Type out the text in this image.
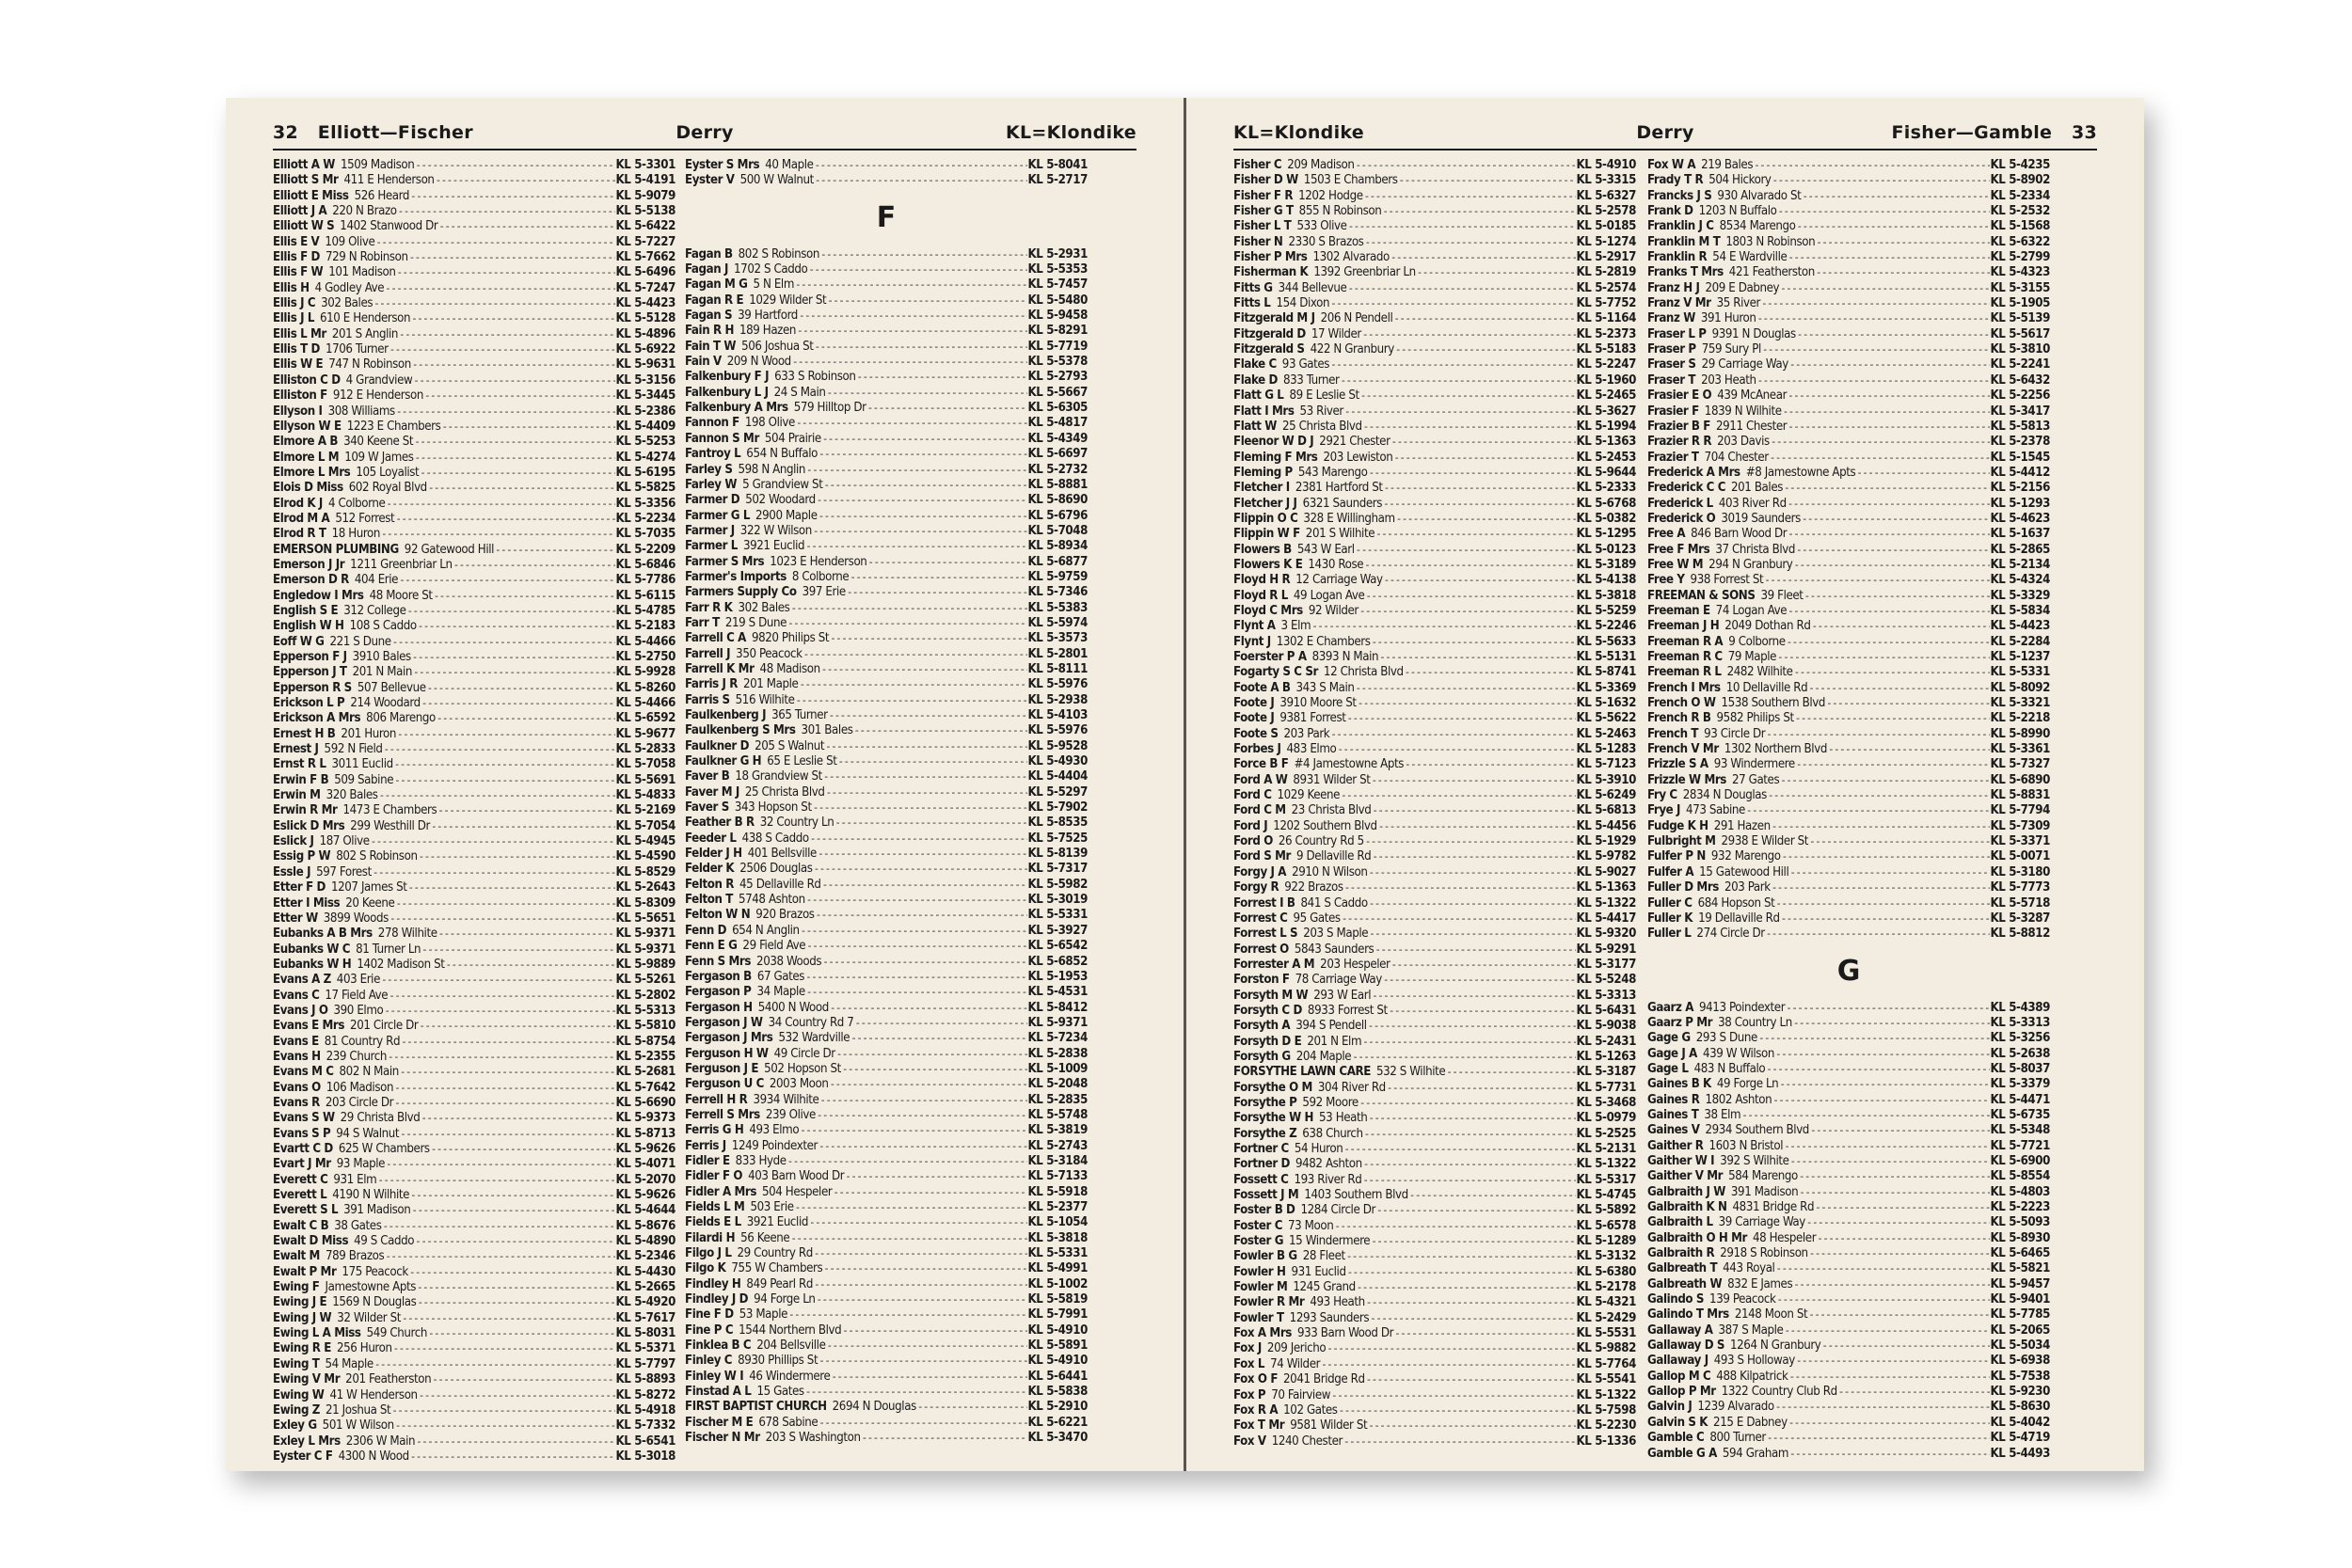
32 Elliott—Fischer	Derry	KL=Klondike
Elliott A W 1509 Madison -----	KL 5-3301
Elliott S Mr 411 E Henderson -----	KL 5-4191
Elliott E Miss 526 Heard -----	KL 5-9079
Elliott J A 220 N Brazo -----	KL 5-5138
Elliott W S 1402 Stanwood Dr -----	KL 5-6422
Ellis E V 109 Olive -----	KL 5-7227
Ellis F D 729 N Robinson -----	KL 5-7662
Ellis F W 101 Madison -----	KL 5-6496
Ellis H 4 Godley Ave -----	KL 5-7247
Ellis J C 302 Bales -----	KL 5-4423
Ellis J L 610 E Henderson -----	KL 5-5128
Ellis L Mr 201 S Anglin -----	KL 5-4896
Ellis T D 1706 Turner -----	KL 5-6922
Ellis W E 747 N Robinson -----	KL 5-9631
Elliston C D 4 Grandview -----	KL 5-3156
Elliston F 912 E Henderson -----	KL 5-3445
Ellyson I 308 Williams -----	KL 5-2386
Ellyson W E 1223 E Chambers -----	KL 5-4409
Elmore A B 340 Keene St -----	KL 5-5253
Elmore L M 109 W James -----	KL 5-4274
Elmore L Mrs 105 Loyalist -----	KL 5-6195
Elois D Miss 602 Royal Blvd -----	KL 5-5825
Elrod K J 4 Colborne -----	KL 5-3356
Elrod M A 512 Forrest -----	KL 5-2234
Elrod R T 18 Huron -----	KL 5-7035
EMERSON PLUMBING 92 Gatewood Hill -----	KL 5-2209
Emerson J Jr 1211 Greenbriar Ln -----	KL 5-6846
Emerson D R 404 Erie -----	KL 5-7786
Engledow I Mrs 48 Moore St -----	KL 5-6115
English S E 312 College -----	KL 5-4785
English W H 108 S Caddo -----	KL 5-2183
Eoff W G 221 S Dune -----	KL 5-4466
Epperson F J 3910 Bales -----	KL 5-2750
Epperson J T 201 N Main -----	KL 5-9928
Epperson R S 507 Bellevue -----	KL 5-8260
Erickson L P 214 Woodard -----	KL 5-4466
Erickson A Mrs 806 Marengo -----	KL 5-6592
Ernest H B 201 Huron -----	KL 5-9677
Ernest J 592 N Field -----	KL 5-2833
Ernst R L 3011 Euclid -----	KL 5-7058
Erwin F B 509 Sabine -----	KL 5-5691
Erwin M 320 Bales -----	KL 5-4833
Erwin R Mr 1473 E Chambers -----	KL 5-2169
Eslick D Mrs 299 Westhill Dr -----	KL 5-7054
Eslick J 187 Olive -----	KL 5-4945
Essig P W 802 S Robinson -----	KL 5-4590
Essle J 597 Forest -----	KL 5-8529
Etter F D 1207 James St -----	KL 5-2643
Etter I Miss 20 Keene -----	KL 5-8309
Etter W 3899 Woods -----	KL 5-5651
Eubanks A B Mrs 278 Wilhite -----	KL 5-9371
Eubanks W C 81 Turner Ln -----	KL 5-9371
Eubanks W H 1402 Madison St -----	KL 5-9889
Evans A Z 403 Erie -----	KL 5-5261
Evans C 17 Field Ave -----	KL 5-2802
Evans J O 390 Elmo -----	KL 5-5313
Evans E Mrs 201 Circle Dr -----	KL 5-5810
Evans E 81 Country Rd -----	KL 5-8754
Evans H 239 Church -----	KL 5-2355
Evans M C 802 N Main -----	KL 5-2681
Evans O 106 Madison -----	KL 5-7642
Evans R 203 Circle Dr -----	KL 5-6690
Evans S W 29 Christa Blvd -----	KL 5-9373
Evans S P 94 S Walnut -----	KL 5-8713
Evartt C D 625 W Chambers -----	KL 5-9626
Evart J Mr 93 Maple -----	KL 5-4071
Everett C 931 Elm -----	KL 5-2070
Everett L 4190 N Wilhite -----	KL 5-9626
Everett S L 391 Madison -----	KL 5-4644
Ewalt C B 38 Gates -----	KL 5-8676
Ewalt D Miss 49 S Caddo -----	KL 5-4890
Ewalt M 789 Brazos -----	KL 5-2346
Ewalt P Mr 175 Peacock -----	KL 5-4430
Ewing F Jamestowne Apts -----	KL 5-2665
Ewing J E 1569 N Douglas -----	KL 5-4920
Ewing J W 32 Wilder St -----	KL 5-7617
Ewing L A Miss 549 Church -----	KL 5-8031
Ewing R E 256 Huron -----	KL 5-5371
Ewing T 54 Maple -----	KL 5-7797
Ewing V Mr 201 Featherston -----	KL 5-8893
Ewing W 41 W Henderson -----	KL 5-8272
Ewing Z 21 Joshua St -----	KL 5-4918
Exley G 501 W Wilson -----	KL 5-7332
Exley L Mrs 2306 W Main -----	KL 5-6541
Eyster C F 4300 N Wood -----	KL 5-3018
Eyster S Mrs 40 Maple -----	KL 5-8041
Eyster V 500 W Walnut -----	KL 5-2717
F
Fagan B 802 S Robinson -----	KL 5-2931
Fagan J 1702 S Caddo -----	KL 5-5353
Fagan M G 5 N Elm -----	KL 5-7457
Fagan R E 1029 Wilder St -----	KL 5-5480
Fagan S 39 Hartford -----	KL 5-9458
Fain R H 189 Hazen -----	KL 5-8291
Fain T W 506 Joshua St -----	KL 5-7719
Fain V 209 N Wood -----	KL 5-5378
Falkenbury F J 633 S Robinson -----	KL 5-2793
Falkenbury L J 24 S Main -----	KL 5-5667
Falkenbury A Mrs 579 Hilltop Dr -----	KL 5-6305
Fannon F 198 Olive -----	KL 5-4817
Fannon S Mr 504 Prairie -----	KL 5-4349
Fantroy L 654 N Buffalo -----	KL 5-6697
Farley S 598 N Anglin -----	KL 5-2732
Farley W 5 Grandview St -----	KL 5-8881
Farmer D 502 Woodard -----	KL 5-8690
Farmer G L 2900 Maple -----	KL 5-6796
Farmer J 322 W Wilson -----	KL 5-7048
Farmer L 3921 Euclid -----	KL 5-8934
Farmer S Mrs 1023 E Henderson -----	KL 5-6877
Farmer's Imports 8 Colborne -----	KL 5-9759
Farmers Supply Co 397 Erie -----	KL 5-7346
Farr R K 302 Bales -----	KL 5-5383
Farr T 219 S Dune -----	KL 5-5974
Farrell C A 9820 Philips St -----	KL 5-3573
Farrell J 350 Peacock -----	KL 5-2801
Farrell K Mr 48 Madison -----	KL 5-8111
Farris J R 201 Maple -----	KL 5-5976
Farris S 516 Wilhite -----	KL 5-2938
Faulkenberg J 365 Turner -----	KL 5-4103
Faulkenberg S Mrs 301 Bales -----	KL 5-5976
Faulkner D 205 S Walnut -----	KL 5-9528
Faulkner G H 65 E Leslie St -----	KL 5-4930
Faver B 18 Grandview St -----	KL 5-4404
Faver M J 25 Christa Blvd -----	KL 5-5297
Faver S 343 Hopson St -----	KL 5-7902
Feather B R 32 Country Ln -----	KL 5-8535
Feeder L 438 S Caddo -----	KL 5-7525
Felder J H 401 Bellsville -----	KL 5-8139
Felder K 2506 Douglas -----	KL 5-7317
Felton R 45 Dellaville Rd -----	KL 5-5982
Felton T 5748 Ashton -----	KL 5-3019
Felton W N 920 Brazos -----	KL 5-5331
Fenn D 654 N Anglin -----	KL 5-3927
Fenn E G 29 Field Ave -----	KL 5-6542
Fenn S Mrs 2038 Woods -----	KL 5-6852
Fergason B 67 Gates -----	KL 5-1953
Fergason P 34 Maple -----	KL 5-4531
Fergason H 5400 N Wood -----	KL 5-8412
Fergason J W 34 Country Rd 7 -----	KL 5-9371
Fergason J Mrs 532 Wardville -----	KL 5-7234
Ferguson H W 49 Circle Dr -----	KL 5-2838
Ferguson J E 502 Hopson St -----	KL 5-1009
Ferguson U C 2003 Moon -----	KL 5-2048
Ferrell H R 3934 Wilhite -----	KL 5-2835
Ferrell S Mrs 239 Olive -----	KL 5-5748
Ferris G H 493 Elmo -----	KL 5-3819
Ferris J 1249 Poindexter -----	KL 5-2743
Fidler E 833 Hyde -----	KL 5-3184
Fidler F O 403 Barn Wood Dr -----	KL 5-7133
Fidler A Mrs 504 Hespeler -----	KL 5-5918
Fields L M 503 Erie -----	KL 5-2377
Fields E L 3921 Euclid -----	KL 5-1054
Filardi H 56 Keene -----	KL 5-3818
Filgo J L 29 Country Rd -----	KL 5-5331
Filgo K 755 W Chambers -----	KL 5-4991
Findley H 849 Pearl Rd -----	KL 5-1002
Findley J D 94 Forge Ln -----	KL 5-5819
Fine F D 53 Maple -----	KL 5-7991
Fine P C 1544 Northern Blvd -----	KL 5-4910
Finklea B C 204 Bellsville -----	KL 5-5891
Finley C 8930 Phillips St -----	KL 5-4910
Finley W I 46 Windermere -----	KL 5-6441
Finstad A L 15 Gates -----	KL 5-5838
FIRST BAPTIST CHURCH 2694 N Douglas -----	KL 5-2910
Fischer M E 678 Sabine -----	KL 5-6221
Fischer N Mr 203 S Washington -----	KL 5-3470
KL=Klondike	Derry	Fisher—Gamble 33
Fisher C 209 Madison -----	KL 5-4910
Fisher D W 1503 E Chambers -----	KL 5-3315
Fisher F R 1202 Hodge -----	KL 5-6327
Fisher G T 855 N Robinson -----	KL 5-2578
Fisher L T 533 Olive -----	KL 5-0185
Fisher N 2330 S Brazos -----	KL 5-1274
Fisher P Mrs 1302 Alvarado -----	KL 5-2917
Fisherman K 1392 Greenbriar Ln -----	KL 5-2819
Fitts G 344 Bellevue -----	KL 5-2574
Fitts L 154 Dixon -----	KL 5-7752
Fitzgerald M J 206 N Pendell -----	KL 5-1164
Fitzgerald D 17 Wilder -----	KL 5-2373
Fitzgerald S 422 N Granbury -----	KL 5-5183
Flake C 93 Gates -----	KL 5-2247
Flake D 833 Turner -----	KL 5-1960
Flatt G L 89 E Leslie St -----	KL 5-2465
Flatt I Mrs 53 River -----	KL 5-3627
Flatt W 25 Christa Blvd -----	KL 5-1994
Fleenor W D J 2921 Chester -----	KL 5-1363
Fleming F Mrs 203 Lewiston -----	KL 5-2453
Fleming P 543 Marengo -----	KL 5-9644
Fletcher I 2381 Hartford St -----	KL 5-2333
Fletcher J J 6321 Saunders -----	KL 5-6768
Flippin O C 328 E Willingham -----	KL 5-0382
Flippin W F 201 S Wilhite -----	KL 5-1295
Flowers B 543 W Earl -----	KL 5-0123
Flowers K E 1430 Rose -----	KL 5-3189
Floyd H R 12 Carriage Way -----	KL 5-4138
Floyd R L 49 Logan Ave -----	KL 5-3818
Floyd C Mrs 92 Wilder -----	KL 5-5259
Flynt A 3 Elm -----	KL 5-2246
Flynt J 1302 E Chambers -----	KL 5-5633
Foerster P A 8393 N Main -----	KL 5-5131
Fogarty S C Sr 12 Christa Blvd -----	KL 5-8741
Foote A B 343 S Main -----	KL 5-3369
Foote J 3910 Moore St -----	KL 5-1632
Foote J 9381 Forrest -----	KL 5-5622
Foote S 203 Park -----	KL 5-2463
Forbes J 483 Elmo -----	KL 5-1283
Force B F #4 Jamestowne Apts -----	KL 5-7123
Ford A W 8931 Wilder St -----	KL 5-3910
Ford C 1029 Keene -----	KL 5-6249
Ford C M 23 Christa Blvd -----	KL 5-6813
Ford J 1202 Southern Blvd -----	KL 5-4456
Ford O 26 Country Rd 5 -----	KL 5-1929
Ford S Mr 9 Dellaville Rd -----	KL 5-9782
Forgy J A 2910 N Wilson -----	KL 5-9027
Forgy R 922 Brazos -----	KL 5-1363
Forrest I B 841 S Caddo -----	KL 5-1322
Forrest C 95 Gates -----	KL 5-4417
Forrest L S 203 S Maple -----	KL 5-9320
Forrest O 5843 Saunders -----	KL 5-9291
Forrester A M 203 Hespeler -----	KL 5-3177
Forston F 78 Carriage Way -----	KL 5-5248
Forsyth M W 293 W Earl -----	KL 5-3313
Forsyth C D 8933 Forrest St -----	KL 5-6431
Forsyth A 394 S Pendell -----	KL 5-9038
Forsyth D E 201 N Elm -----	KL 5-2431
Forsyth G 204 Maple -----	KL 5-1263
FORSYTHE LAWN CARE 532 S Wilhite -----	KL 5-3187
Forsythe O M 304 River Rd -----	KL 5-7731
Forsythe P 592 Moore -----	KL 5-3468
Forsythe W H 53 Heath -----	KL 5-0979
Forsythe Z 638 Church -----	KL 5-2525
Fortner C 54 Huron -----	KL 5-2131
Fortner D 9482 Ashton -----	KL 5-1322
Fossett C 193 River Rd -----	KL 5-5317
Fossett J M 1403 Southern Blvd -----	KL 5-4745
Foster B D 1284 Circle Dr -----	KL 5-5892
Foster C 73 Moon -----	KL 5-6578
Foster G 15 Windermere -----	KL 5-1289
Fowler B G 28 Fleet -----	KL 5-3132
Fowler H 931 Euclid -----	KL 5-6380
Fowler M 1245 Grand -----	KL 5-2178
Fowler R Mr 493 Heath -----	KL 5-4321
Fowler T 1293 Saunders -----	KL 5-2429
Fox A Mrs 933 Barn Wood Dr -----	KL 5-5531
Fox J 209 Jericho -----	KL 5-9882
Fox L 74 Wilder -----	KL 5-7764
Fox O F 2041 Bridge Rd -----	KL 5-5541
Fox P 70 Fairview -----	KL 5-1322
Fox R A 102 Gates -----	KL 5-7598
Fox T Mr 9581 Wilder St -----	KL 5-2230
Fox V 1240 Chester -----	KL 5-1336
Fox W A 219 Bales -----	KL 5-4235
Frady T R 504 Hickory -----	KL 5-8902
Francks J S 930 Alvarado St -----	KL 5-2334
Frank D 1203 N Buffalo -----	KL 5-2532
Franklin J C 8534 Marengo -----	KL 5-1568
Franklin M T 1803 N Robinson -----	KL 5-6322
Franklin R 54 E Wardville -----	KL 5-2799
Franks T Mrs 421 Featherston -----	KL 5-4323
Franz H J 209 E Dabney -----	KL 5-3155
Franz V Mr 35 River -----	KL 5-1905
Franz W 391 Huron -----	KL 5-5139
Fraser L P 9391 N Douglas -----	KL 5-5617
Fraser P 759 Sury Pl -----	KL 5-3810
Fraser S 29 Carriage Way -----	KL 5-2241
Fraser T 203 Heath -----	KL 5-6432
Frasier E O 439 McAnear -----	KL 5-2256
Frasier F 1839 N Wilhite -----	KL 5-3417
Frazier B F 2911 Chester -----	KL 5-5813
Frazier R R 203 Davis -----	KL 5-2378
Frazier T 704 Chester -----	KL 5-1545
Frederick A Mrs #8 Jamestowne Apts -----	KL 5-4412
Frederick C C 201 Bales -----	KL 5-2156
Frederick L 403 River Rd -----	KL 5-1293
Frederick O 3019 Saunders -----	KL 5-4623
Free A 846 Barn Wood Dr -----	KL 5-1637
Free F Mrs 37 Christa Blvd -----	KL 5-2865
Free W M 294 N Granbury -----	KL 5-2134
Free Y 938 Forrest St -----	KL 5-4324
FREEMAN & SONS 39 Fleet -----	KL 5-3329
Freeman E 74 Logan Ave -----	KL 5-5834
Freeman J H 2049 Dothan Rd -----	KL 5-4423
Freeman R A 9 Colborne -----	KL 5-2284
Freeman R C 79 Maple -----	KL 5-1237
Freeman R L 2482 Wilhite -----	KL 5-5331
French I Mrs 10 Dellaville Rd -----	KL 5-8092
French O W 1538 Southern Blvd -----	KL 5-3321
French R B 9582 Philips St -----	KL 5-2218
French T 93 Circle Dr -----	KL 5-8990
French V Mr 1302 Northern Blvd -----	KL 5-3361
Frizzle S A 93 Windermere -----	KL 5-7327
Frizzle W Mrs 27 Gates -----	KL 5-6890
Fry C 2834 N Douglas -----	KL 5-8831
Frye J 473 Sabine -----	KL 5-7794
Fudge K H 291 Hazen -----	KL 5-7309
Fulbright M 2938 E Wilder St -----	KL 5-3371
Fulfer P N 932 Marengo -----	KL 5-0071
Fulfer A 15 Gatewood Hill -----	KL 5-3180
Fuller D Mrs 203 Park -----	KL 5-7773
Fuller C 684 Hopson St -----	KL 5-5718
Fuller K 19 Dellaville Rd -----	KL 5-3287
Fuller L 274 Circle Dr -----	KL 5-8812
G
Gaarz A 9413 Poindexter -----	KL 5-4389
Gaarz P Mr 38 Country Ln -----	KL 5-3313
Gage G 293 S Dune -----	KL 5-3256
Gage J A 439 W Wilson -----	KL 5-2638
Gage L 483 N Buffalo -----	KL 5-8037
Gaines B K 49 Forge Ln -----	KL 5-3379
Gaines R 1802 Ashton -----	KL 5-4471
Gaines T 38 Elm -----	KL 5-6735
Gaines V 2934 Southern Blvd -----	KL 5-5348
Gaither R 1603 N Bristol -----	KL 5-7721
Gaither W I 392 S Wilhite -----	KL 5-6900
Gaither V Mr 584 Marengo -----	KL 5-8554
Galbraith J W 391 Madison -----	KL 5-4803
Galbraith K N 4831 Bridge Rd -----	KL 5-2223
Galbraith L 39 Carriage Way -----	KL 5-5093
Galbraith O H Mr 48 Hespeler -----	KL 5-8930
Galbraith R 2918 S Robinson -----	KL 5-6465
Galbreath T 443 Royal -----	KL 5-5821
Galbreath W 832 E James -----	KL 5-9457
Galindo S 139 Peacock -----	KL 5-9401
Galindo T Mrs 2148 Moon St -----	KL 5-7785
Gallaway A 387 S Maple -----	KL 5-2065
Gallaway D S 1264 N Granbury -----	KL 5-5034
Gallaway J 493 S Holloway -----	KL 5-6938
Gallop M C 488 Kilpatrick -----	KL 5-7538
Gallop P Mr 1322 Country Club Rd -----	KL 5-9230
Galvin J 1239 Alvarado -----	KL 5-8630
Galvin S K 215 E Dabney -----	KL 5-4042
Gamble C 800 Turner -----	KL 5-4719
Gamble G A 594 Graham -----	KL 5-4493
